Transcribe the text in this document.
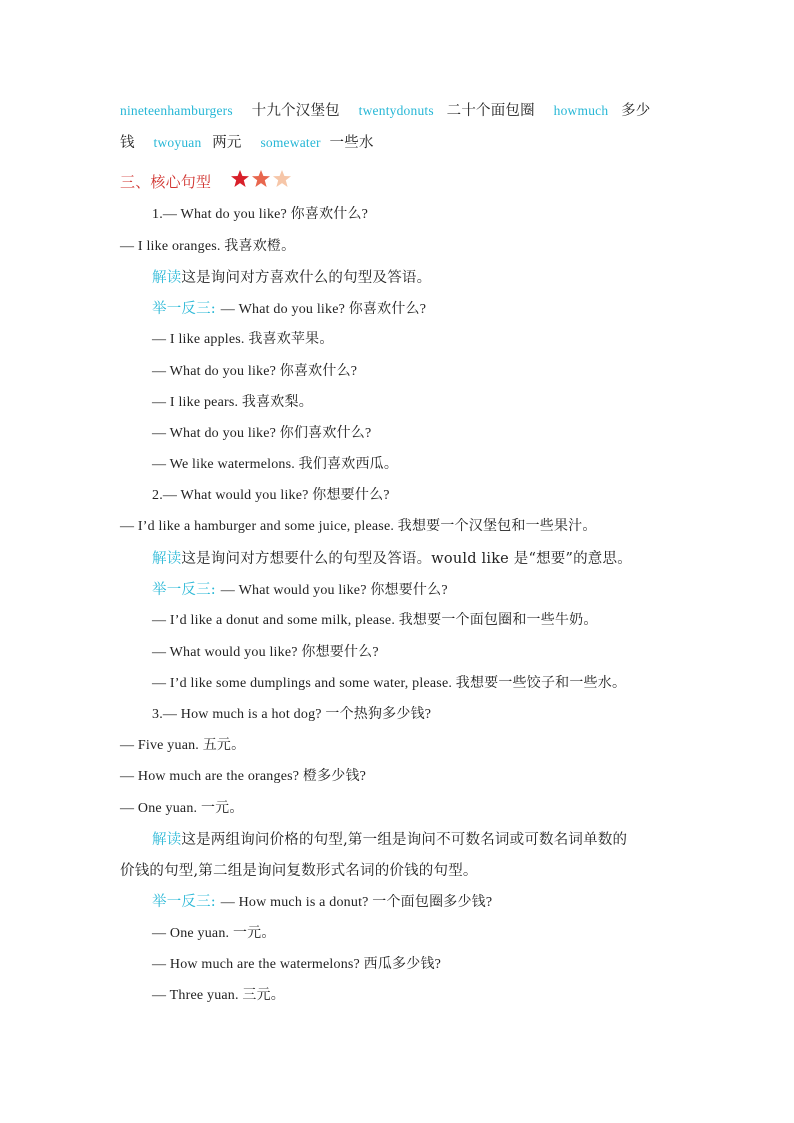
nineteenhamburgers 十九个汉堡包 twentydonuts 二十个面包圈 howmuch 多少
钱 twoyuan 两元 somewater 一些水
三、核心句型
1.— What do you like? 你喜欢什么?
— I like oranges. 我喜欢橙。
解读这是询问对方喜欢什么的句型及答语。
举一反三: — What do you like? 你喜欢什么?
— I like apples. 我喜欢苹果。
— What do you like? 你喜欢什么?
— I like pears. 我喜欢梨。
— What do you like? 你们喜欢什么?
— We like watermelons. 我们喜欢西瓜。
2.— What would you like? 你想要什么?
— I’d like a hamburger and some juice, please. 我想要一个汉堡包和一些果汁。
解读这是询问对方想要什么的句型及答语。would like 是“想要”的意思。
举一反三: — What would you like? 你想要什么?
— I’d like a donut and some milk, please. 我想要一个面包圈和一些牛奶。
— What would you like? 你想要什么?
— I’d like some dumplings and some water, please. 我想要一些饺子和一些水。
3.— How much is a hot dog? 一个热狗多少钱?
— Five yuan. 五元。
— How much are the oranges? 橙多少钱?
— One yuan. 一元。
解读这是两组询问价格的句型,第一组是询问不可数名词或可数名词单数的
价钱的句型,第二组是询问复数形式名词的价钱的句型。
举一反三: — How much is a donut? 一个面包圈多少钱?
— One yuan. 一元。
— How much are the watermelons? 西瓜多少钱?
— Three yuan. 三元。
